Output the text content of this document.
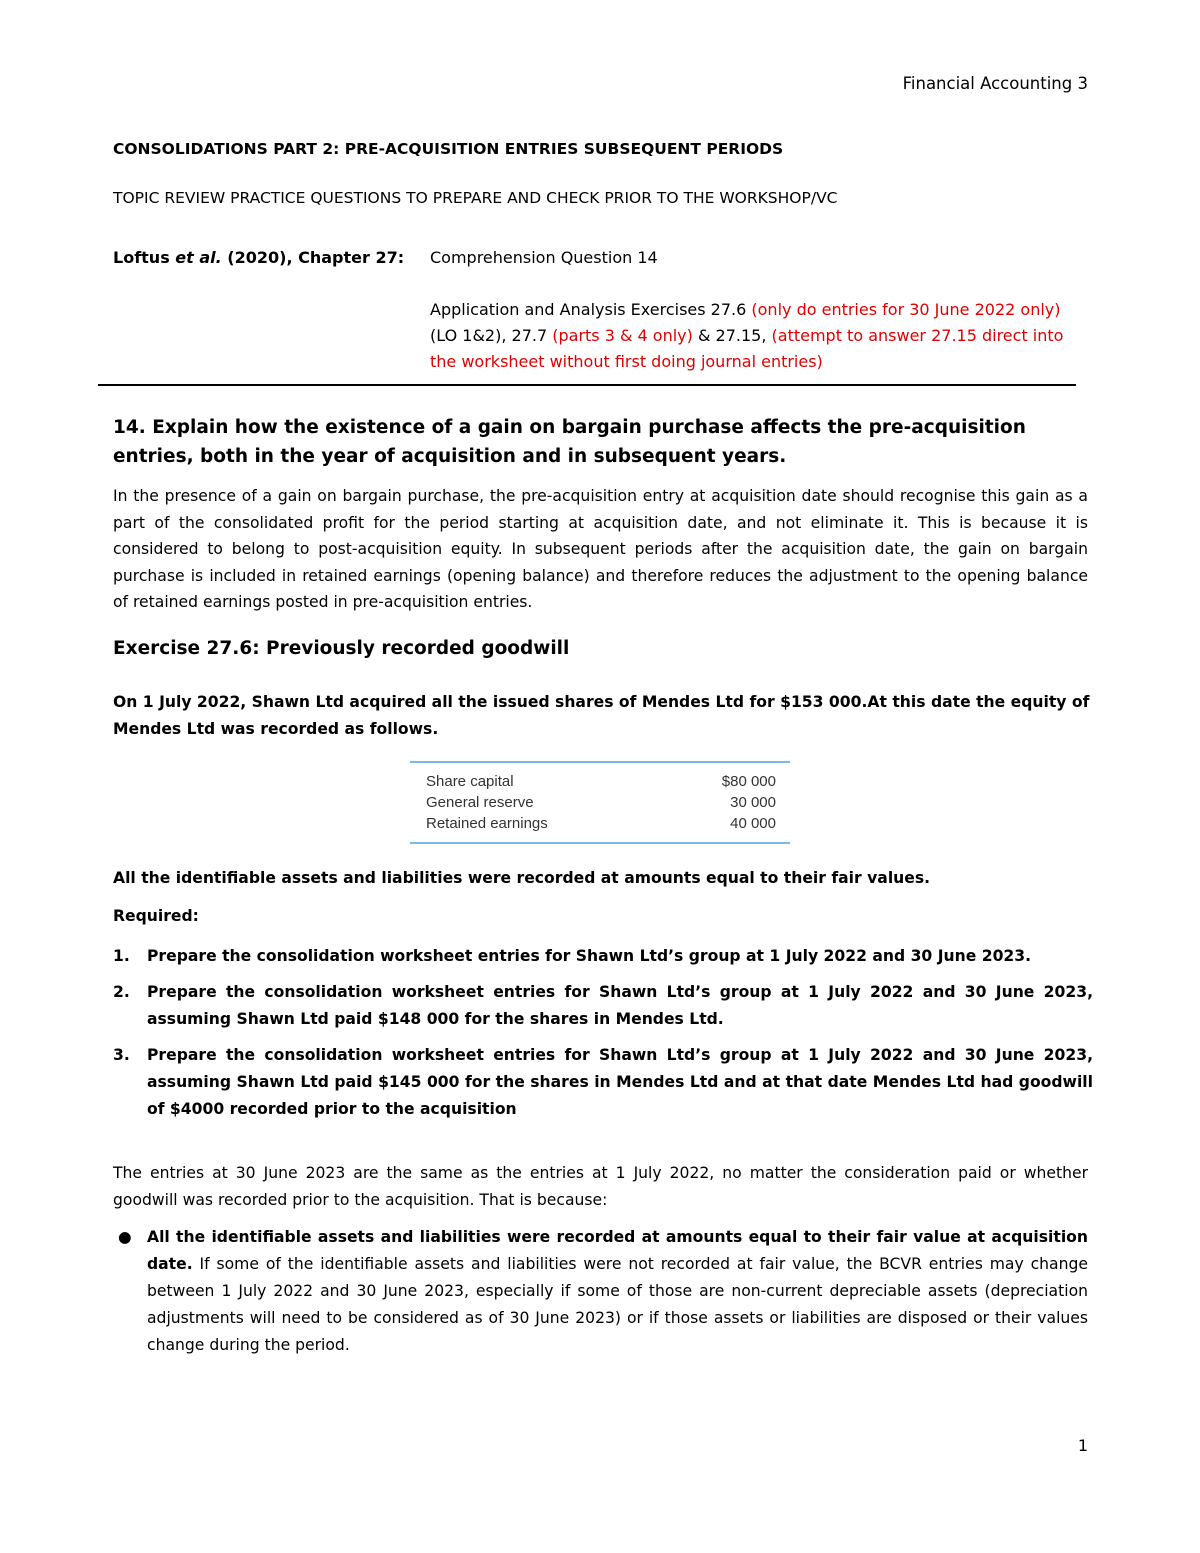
Financial Accounting 3
CONSOLIDATIONS PART 2: PRE-ACQUISITION ENTRIES SUBSEQUENT PERIODS
TOPIC REVIEW PRACTICE QUESTIONS TO PREPARE AND CHECK PRIOR TO THE WORKSHOP/VC
Loftus et al. (2020), Chapter 27: Comprehension Question 14
Application and Analysis Exercises 27.6 (only do entries for 30 June 2022 only) (LO 1&2), 27.7 (parts 3 & 4 only) & 27.15, (attempt to answer 27.15 direct into the worksheet without first doing journal entries)
14. Explain how the existence of a gain on bargain purchase affects the pre-acquisition entries, both in the year of acquisition and in subsequent years.
In the presence of a gain on bargain purchase, the pre-acquisition entry at acquisition date should recognise this gain as a part of the consolidated profit for the period starting at acquisition date, and not eliminate it. This is because it is considered to belong to post-acquisition equity. In subsequent periods after the acquisition date, the gain on bargain purchase is included in retained earnings (opening balance) and therefore reduces the adjustment to the opening balance of retained earnings posted in pre-acquisition entries.
Exercise 27.6: Previously recorded goodwill
On 1 July 2022, Shawn Ltd acquired all the issued shares of Mendes Ltd for $153 000.At this date the equity of Mendes Ltd was recorded as follows.
Share capital	$80 000
General reserve	30 000
Retained earnings	40 000
All the identifiable assets and liabilities were recorded at amounts equal to their fair values.
Required:
1. Prepare the consolidation worksheet entries for Shawn Ltd’s group at 1 July 2022 and 30 June 2023.
2. Prepare the consolidation worksheet entries for Shawn Ltd’s group at 1 July 2022 and 30 June 2023, assuming Shawn Ltd paid $148 000 for the shares in Mendes Ltd.
3. Prepare the consolidation worksheet entries for Shawn Ltd’s group at 1 July 2022 and 30 June 2023, assuming Shawn Ltd paid $145 000 for the shares in Mendes Ltd and at that date Mendes Ltd had goodwill of $4000 recorded prior to the acquisition
The entries at 30 June 2023 are the same as the entries at 1 July 2022, no matter the consideration paid or whether goodwill was recorded prior to the acquisition. That is because:
● All the identifiable assets and liabilities were recorded at amounts equal to their fair value at acquisition date. If some of the identifiable assets and liabilities were not recorded at fair value, the BCVR entries may change between 1 July 2022 and 30 June 2023, especially if some of those are non-current depreciable assets (depreciation adjustments will need to be considered as of 30 June 2023) or if those assets or liabilities are disposed or their values change during the period.
1
